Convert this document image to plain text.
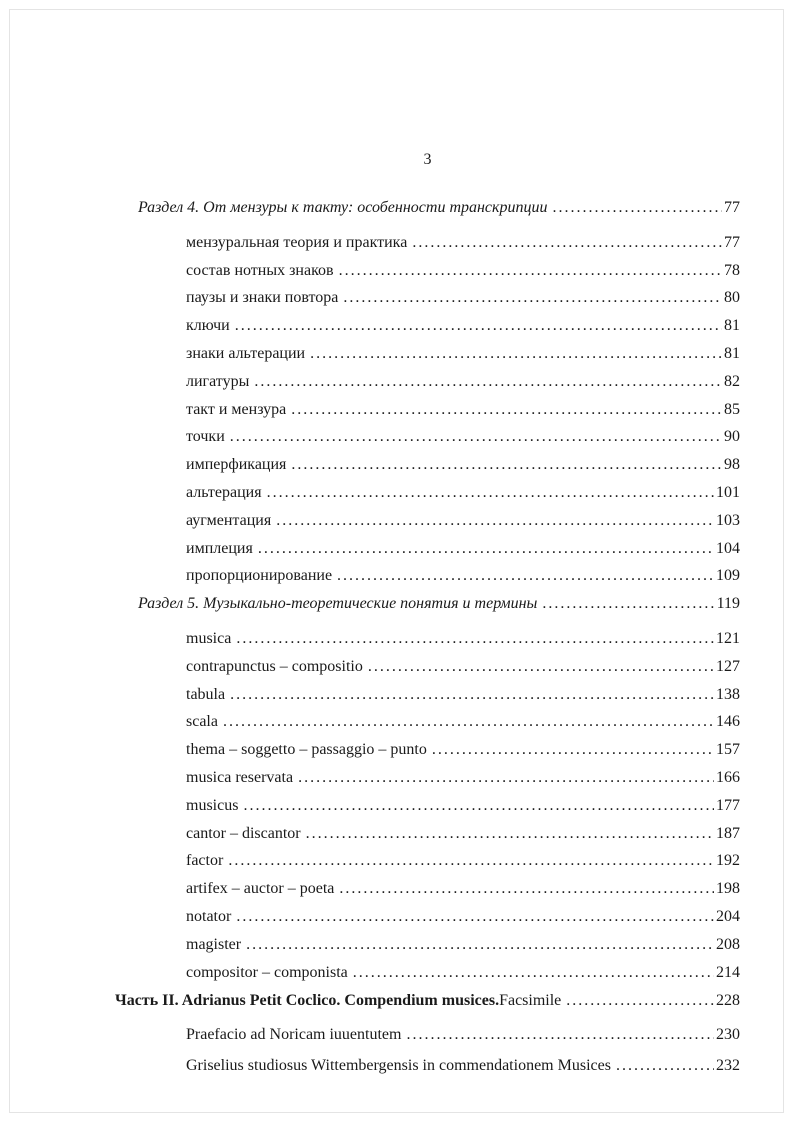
3
Раздел 4. От мензуры к такту: особенности транскрипции .....	77
мензуральная теория и практика .....	77
состав нотных знаков .....	78
паузы и знаки повтора .....	80
ключи .....	81
знаки альтерации .....	81
лигатуры .....	82
такт и мензура .....	85
точки .....	90
имперфикация .....	98
альтерация .....	101
аугментация .....	103
имплеция .....	104
пропорционирование .....	109
Раздел 5. Музыкально-теоретические понятия и термины .....	119
musica .....	121
contrapunctus – compositio .....	127
tabula .....	138
scala .....	146
thema – soggetto – passaggio – punto .....	157
musica reservata .....	166
musicus .....	177
cantor – discantor .....	187
factor .....	192
artifex – auctor – poeta .....	198
notator .....	204
magister .....	208
compositor – componista .....	214
Часть II. Adrianus Petit Coclico. Compendium musices. Facsimile .....	228
Praefacio ad Noricam iuuentutem .....	230
Griselius studiosus Wittembergensis in commendationem Musices .....	232
